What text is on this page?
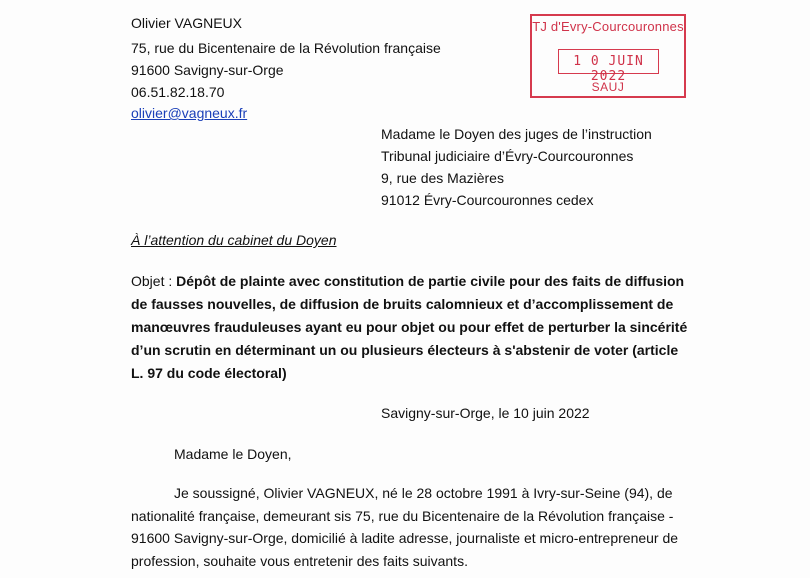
Olivier VAGNEUX
75, rue du Bicentenaire de la Révolution française
91600 Savigny-sur-Orge
06.51.82.18.70
olivier@vagneux.fr
TJ d'Evry-Courcouronnes
1 0 JUIN 2022
SAUJ
Madame le Doyen des juges de l’instruction
Tribunal judiciaire d’Évry-Courcouronnes
9, rue des Mazières
91012 Évry-Courcouronnes cedex
À l’attention du cabinet du Doyen
Objet : Dépôt de plainte avec constitution de partie civile pour des faits de diffusion
de fausses nouvelles, de diffusion de bruits calomnieux et d’accomplissement de
manœuvres frauduleuses ayant eu pour objet ou pour effet de perturber la sincérité
d’un scrutin en déterminant un ou plusieurs électeurs à s'abstenir de voter (article
L. 97 du code électoral)
Savigny-sur-Orge, le 10 juin 2022
Madame le Doyen,
Je soussigné, Olivier VAGNEUX, né le 28 octobre 1991 à Ivry-sur-Seine (94), de
nationalité française, demeurant sis 75, rue du Bicentenaire de la Révolution française -
91600 Savigny-sur-Orge, domicilié à ladite adresse, journaliste et micro-entrepreneur de
profession, souhaite vous entretenir des faits suivants.
